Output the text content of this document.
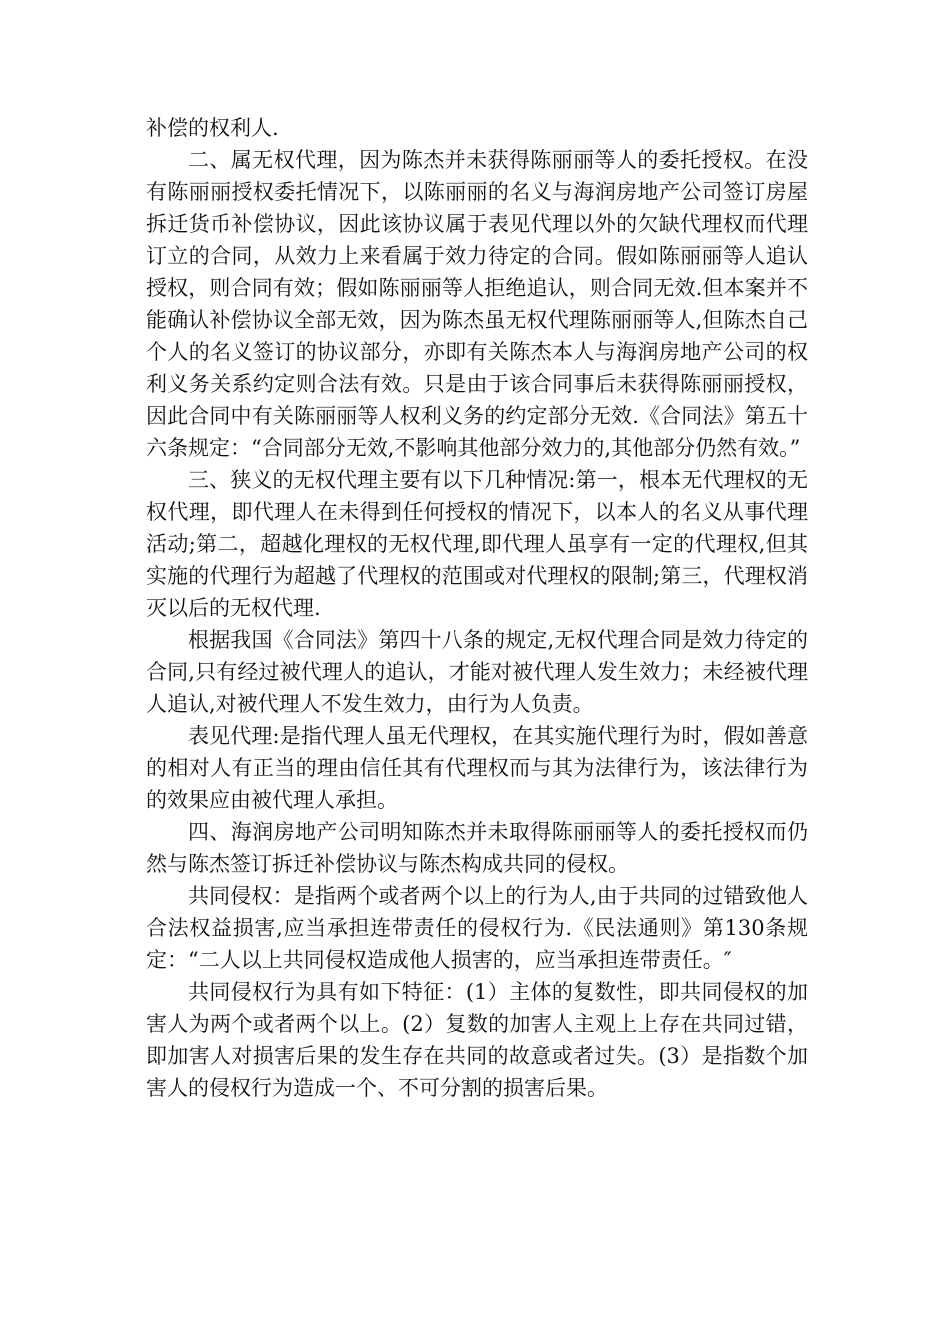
补偿的权利人.

二、属无权代理，因为陈杰并未获得陈丽丽等人的委托授权。在没有陈丽丽授权委托情况下，以陈丽丽的名义与海润房地产公司签订房屋拆迁货币补偿协议，因此该协议属于表见代理以外的欠缺代理权而代理订立的合同，从效力上来看属于效力待定的合同。假如陈丽丽等人追认授权，则合同有效；假如陈丽丽等人拒绝追认，则合同无效.但本案并不能确认补偿协议全部无效，因为陈杰虽无权代理陈丽丽等人,但陈杰自己个人的名义签订的协议部分，亦即有关陈杰本人与海润房地产公司的权利义务关系约定则合法有效。只是由于该合同事后未获得陈丽丽授权，因此合同中有关陈丽丽等人权利义务的约定部分无效.《合同法》第五十六条规定：“合同部分无效,不影响其他部分效力的,其他部分仍然有效。”

三、狭义的无权代理主要有以下几种情况:第一，根本无代理权的无权代理，即代理人在未得到任何授权的情况下，以本人的名义从事代理活动;第二，超越化理权的无权代理,即代理人虽享有一定的代理权,但其实施的代理行为超越了代理权的范围或对代理权的限制;第三，代理权消灭以后的无权代理.

根据我国《合同法》第四十八条的规定,无权代理合同是效力待定的合同,只有经过被代理人的追认，才能对被代理人发生效力；未经被代理人追认,对被代理人不发生效力，由行为人负责。

表见代理:是指代理人虽无代理权，在其实施代理行为时，假如善意的相对人有正当的理由信任其有代理权而与其为法律行为，该法律行为的效果应由被代理人承担。

四、海润房地产公司明知陈杰并未取得陈丽丽等人的委托授权而仍然与陈杰签订拆迁补偿协议与陈杰构成共同的侵权。

共同侵权：是指两个或者两个以上的行为人,由于共同的过错致他人合法权益损害,应当承担连带责任的侵权行为.《民法通则》第130条规定：“二人以上共同侵权造成他人损害的，应当承担连带责任。″

共同侵权行为具有如下特征：(1）主体的复数性，即共同侵权的加害人为两个或者两个以上。(2）复数的加害人主观上上存在共同过错，即加害人对损害后果的发生存在共同的故意或者过失。(3）是指数个加害人的侵权行为造成一个、不可分割的损害后果。
